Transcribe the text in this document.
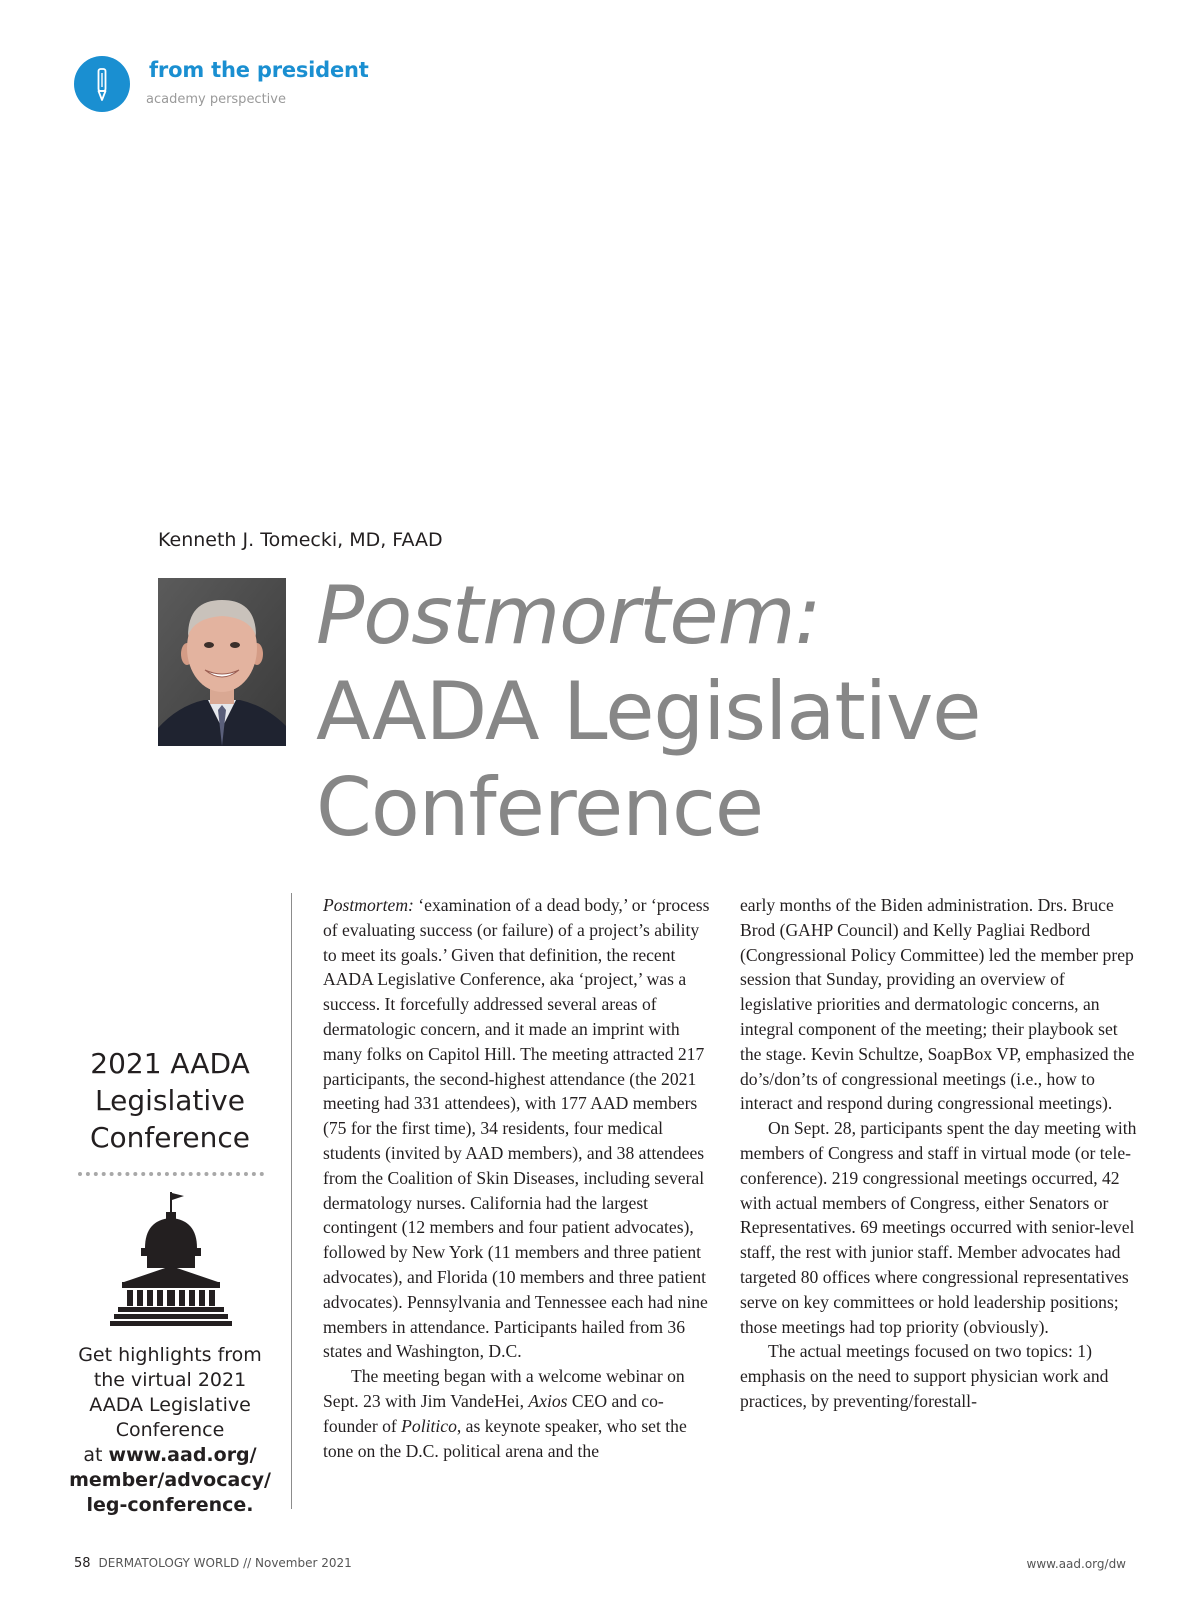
from the president
academy perspective
Kenneth J. Tomecki, MD, FAAD
Postmortem:
AADA Legislative
Conference
2021 AADA
Legislative
Conference
Get highlights from
the virtual 2021
AADA Legislative
Conference
at www.aad.org/
member/advocacy/
leg-conference.

Postmortem: ‘examination of a dead body,’ or ‘process of evaluating success (or failure) of a project’s ability to meet its goals.’ Given that definition, the recent AADA Legislative Conference, aka ‘project,’ was a success. It forcefully addressed several areas of dermatologic concern, and it made an imprint with many folks on Capitol Hill. The meeting attracted 217 participants, the second-highest attendance (the 2021 meeting had 331 attendees), with 177 AAD members (75 for the first time), 34 residents, four medical students (invited by AAD members), and 38 attendees from the Coalition of Skin Diseases, including several dermatology nurses. California had the largest contingent (12 members and four patient advocates), followed by New York (11 members and three patient advocates), and Florida (10 members and three patient advocates). Pennsylvania and Tennessee each had nine members in attendance. Participants hailed from 36 states and Washington, D.C.

The meeting began with a welcome webinar on Sept. 23 with Jim VandeHei, Axios CEO and co-founder of Politico, as keynote speaker, who set the tone on the D.C. political arena and the

early months of the Biden administration. Drs. Bruce Brod (GAHP Council) and Kelly Pagliai Redbord (Congressional Policy Committee) led the member prep session that Sunday, providing an overview of legislative priorities and dermatologic concerns, an integral component of the meeting; their playbook set the stage. Kevin Schultze, SoapBox VP, emphasized the do’s/don’ts of congressional meetings (i.e., how to interact and respond during congressional meetings).

On Sept. 28, participants spent the day meeting with members of Congress and staff in virtual mode (or tele-conference). 219 congressional meetings occurred, 42 with actual members of Congress, either Senators or Representatives. 69 meetings occurred with senior-level staff, the rest with junior staff. Member advocates had targeted 80 offices where congressional representatives serve on key committees or hold leadership positions; those meetings had top priority (obviously).

The actual meetings focused on two topics: 1) emphasis on the need to support physician work and practices, by preventing/forestall-

58 DERMATOLOGY WORLD // November 2021	www.aad.org/dw
